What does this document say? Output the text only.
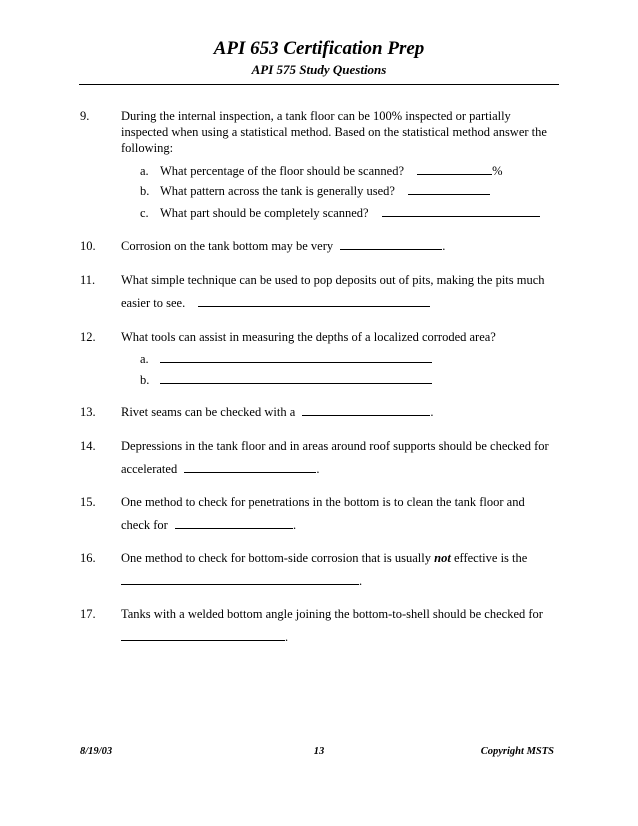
API 653 Certification Prep
API 575 Study Questions
9.	During the internal inspection, a tank floor can be 100% inspected or partially
inspected when using a statistical method. Based on the statistical method answer the
following:
a. What percentage of the floor should be scanned?	%
b. What pattern across the tank is generally used?
c. What part should be completely scanned?
10. Corrosion on the tank bottom may be very	.
11. What simple technique can be used to pop deposits out of pits, making the pits much
easier to see.
12. What tools can assist in measuring the depths of a localized corroded area?
a.
b.
13. Rivet seams can be checked with a	.
14. Depressions in the tank floor and in areas around roof supports should be checked for
accelerated	.
15. One method to check for penetrations in the bottom is to clean the tank floor and
check for	.
16. One method to check for bottom-side corrosion that is usually not effective is the
.
17. Tanks with a welded bottom angle joining the bottom-to-shell should be checked for
.
8/19/03	13	Copyright MSTS
